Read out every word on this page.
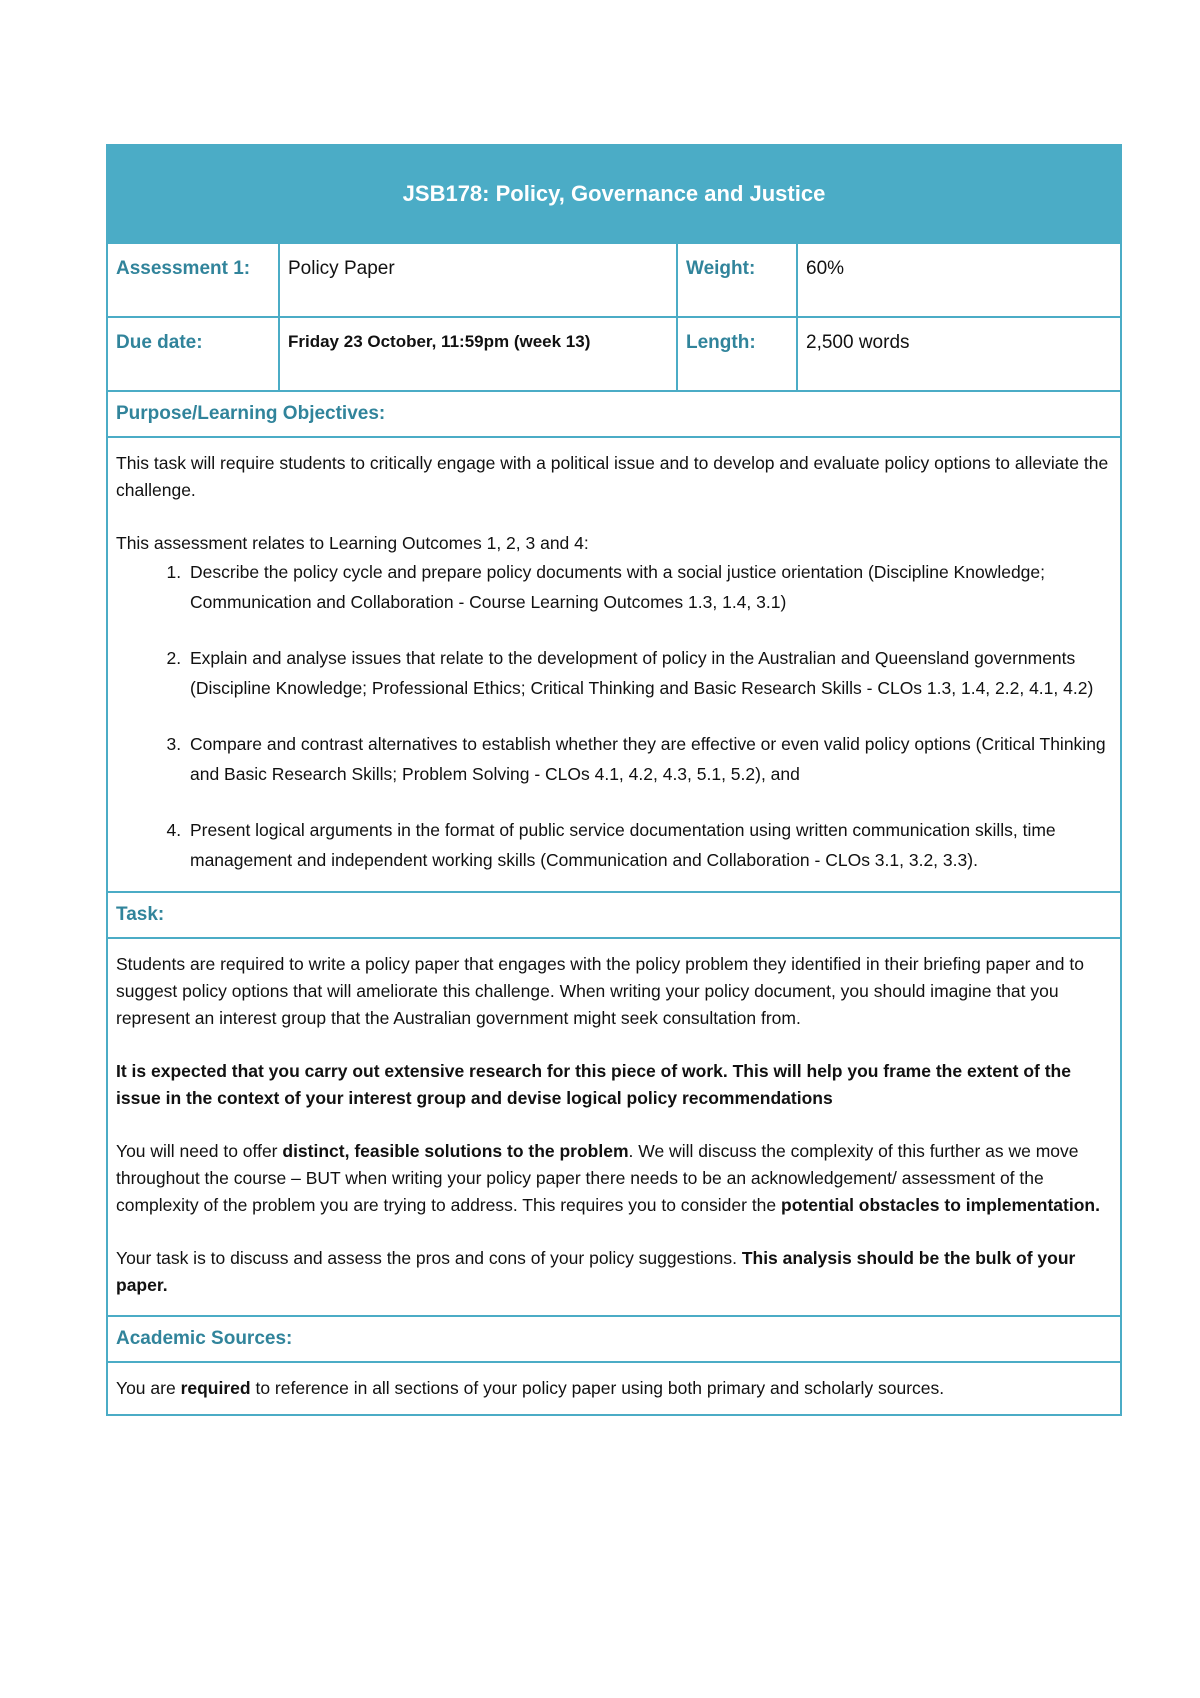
JSB178: Policy, Governance and Justice
Assessment 1:	Policy Paper	Weight:	60%
Due date:	Friday 23 October, 11:59pm (week 13)	Length:	2,500 words
Purpose/Learning Objectives:

This task will require students to critically engage with a political issue and to develop and evaluate policy options to alleviate the challenge.

This assessment relates to Learning Outcomes 1, 2, 3 and 4:
1. Describe the policy cycle and prepare policy documents with a social justice orientation (Discipline Knowledge; Communication and Collaboration - Course Learning Outcomes 1.3, 1.4, 3.1)
2. Explain and analyse issues that relate to the development of policy in the Australian and Queensland governments (Discipline Knowledge; Professional Ethics; Critical Thinking and Basic Research Skills - CLOs 1.3, 1.4, 2.2, 4.1, 4.2)
3. Compare and contrast alternatives to establish whether they are effective or even valid policy options (Critical Thinking and Basic Research Skills; Problem Solving - CLOs 4.1, 4.2, 4.3, 5.1, 5.2), and
4. Present logical arguments in the format of public service documentation using written communication skills, time management and independent working skills (Communication and Collaboration - CLOs 3.1, 3.2, 3.3).
Task:

Students are required to write a policy paper that engages with the policy problem they identified in their briefing paper and to suggest policy options that will ameliorate this challenge. When writing your policy document, you should imagine that you represent an interest group that the Australian government might seek consultation from.

It is expected that you carry out extensive research for this piece of work. This will help you frame the extent of the issue in the context of your interest group and devise logical policy recommendations

You will need to offer distinct, feasible solutions to the problem. We will discuss the complexity of this further as we move throughout the course – BUT when writing your policy paper there needs to be an acknowledgement/ assessment of the complexity of the problem you are trying to address. This requires you to consider the potential obstacles to implementation.

Your task is to discuss and assess the pros and cons of your policy suggestions. This analysis should be the bulk of your paper.

Academic Sources:
You are required to reference in all sections of your policy paper using both primary and scholarly sources.
